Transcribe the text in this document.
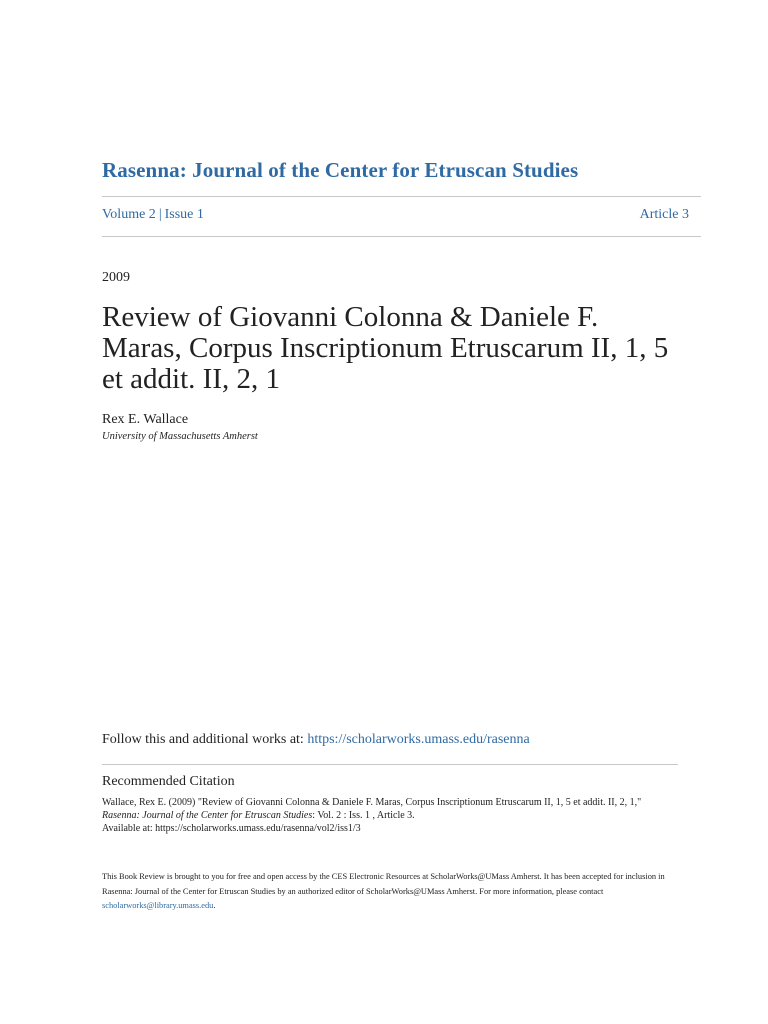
Rasenna: Journal of the Center for Etruscan Studies
Volume 2 | Issue 1	Article 3
2009
Review of Giovanni Colonna & Daniele F. Maras, Corpus Inscriptionum Etruscarum II, 1, 5 et addit. II, 2, 1
Rex E. Wallace
University of Massachusetts Amherst
Follow this and additional works at: https://scholarworks.umass.edu/rasenna
Recommended Citation
Wallace, Rex E. (2009) "Review of Giovanni Colonna & Daniele F. Maras, Corpus Inscriptionum Etruscarum II, 1, 5 et addit. II, 2, 1,"
Rasenna: Journal of the Center for Etruscan Studies: Vol. 2 : Iss. 1 , Article 3.
Available at: https://scholarworks.umass.edu/rasenna/vol2/iss1/3
This Book Review is brought to you for free and open access by the CES Electronic Resources at ScholarWorks@UMass Amherst. It has been accepted for inclusion in Rasenna: Journal of the Center for Etruscan Studies by an authorized editor of ScholarWorks@UMass Amherst. For more information, please contact scholarworks@library.umass.edu.
